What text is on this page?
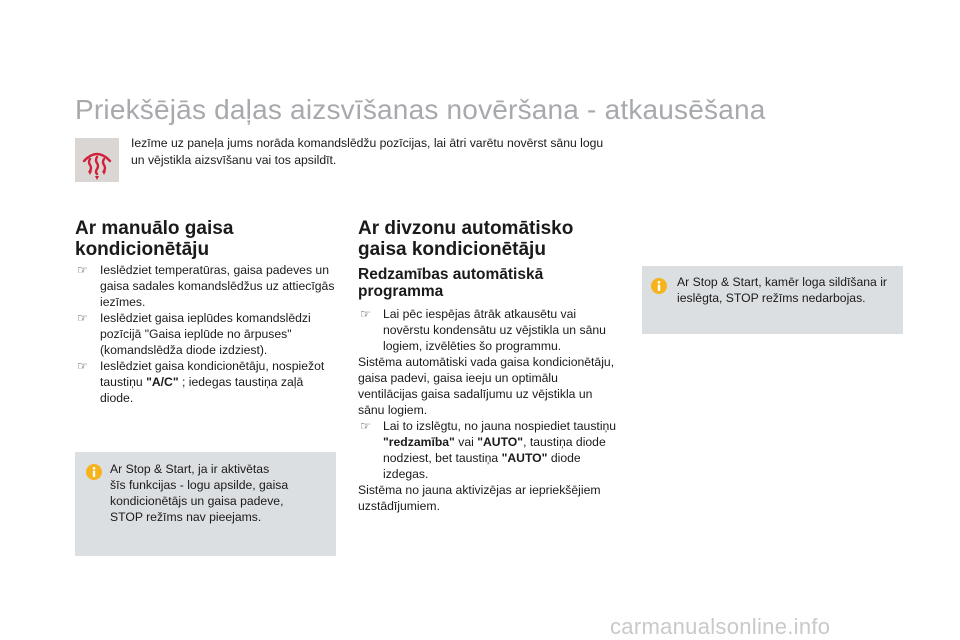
Priekšējās daļas aizsvīšanas novēršana - atkausēšana
Iezīme uz paneļa jums norāda komandslēdžu pozīcijas, lai ātri varētu novērst sānu logu
un vējstikla aizsvīšanu vai tos apsildīt.
Ar manuālo gaisa
kondicionētāju
☞ Ieslēdziet temperatūras, gaisa padeves un
gaisa sadales komandslēdžus uz attiecīgās
iezīmes.
☞ Ieslēdziet gaisa ieplūdes komandslēdzi
pozīcijā "Gaisa ieplūde no ārpuses"
(komandslēdža diode izdziest).
☞ Ieslēdziet gaisa kondicionētāju, nospiežot
taustiņu "A/C" ; iedegas taustiņa zaļā
diode.
Ar Stop & Start, ja ir aktivētas
šīs funkcijas - logu apsilde, gaisa
kondicionētājs un gaisa padeve,
STOP režīms nav pieejams.
Ar divzonu automātisko
gaisa kondicionētāju
Redzamības automātiskā
programma
☞ Lai pēc iespējas ātrāk atkausētu vai
novērstu kondensātu uz vējstikla un sānu
logiem, izvēlēties šo programmu.
Sistēma automātiski vada gaisa kondicionētāju,
gaisa padevi, gaisa ieeju un optimālu
ventilācijas gaisa sadalījumu uz vējstikla un
sānu logiem.
☞ Lai to izslēgtu, no jauna nospiediet taustiņu
"redzamība" vai "AUTO", taustiņa diode
nodziest, bet taustiņa "AUTO" diode
izdegas.
Sistēma no jauna aktivizējas ar iepriekšējiem
uzstādījumiem.
Ar Stop & Start, kamēr loga sildīšana ir
ieslēgta, STOP režīms nedarbojas.
carmanualsonline.info
